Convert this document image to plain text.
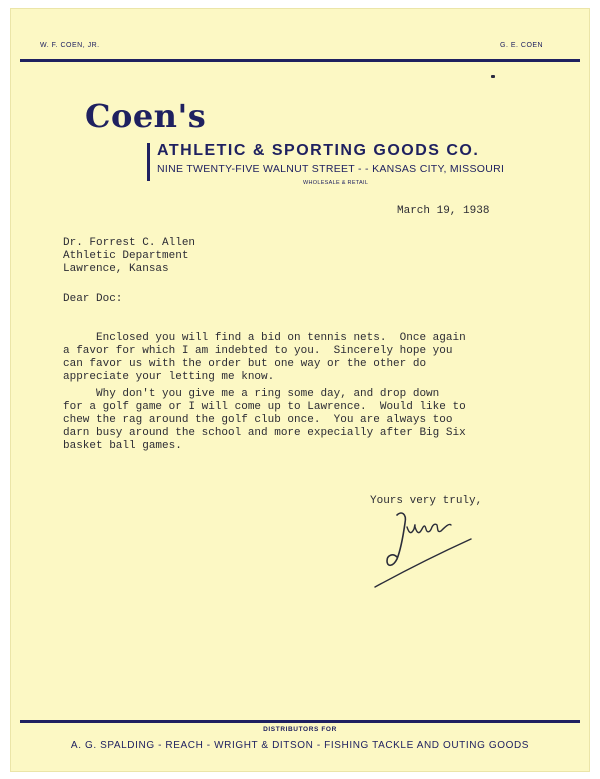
W. F. COEN, JR.	G. E. COEN
Coen's
ATHLETIC & SPORTING GOODS CO.
NINE TWENTY-FIVE WALNUT STREET - - KANSAS CITY, MISSOURI
WHOLESALE & RETAIL
March 19, 1938
Dr. Forrest C. Allen
Athletic Department
Lawrence, Kansas
Dear Doc:
Enclosed you will find a bid on tennis nets.  Once again
a favor for which I am indebted to you.  Sincerely hope you
can favor us with the order but one way or the other do
appreciate your letting me know.
Why don't you give me a ring some day, and drop down
for a golf game or I will come up to Lawrence.  Would like to
chew the rag around the golf club once.  You are always too
darn busy around the school and more expecially after Big Six
basket ball games.
Yours very truly,
DISTRIBUTORS FOR
A. G. SPALDING - REACH - WRIGHT & DITSON - FISHING TACKLE AND OUTING GOODS
